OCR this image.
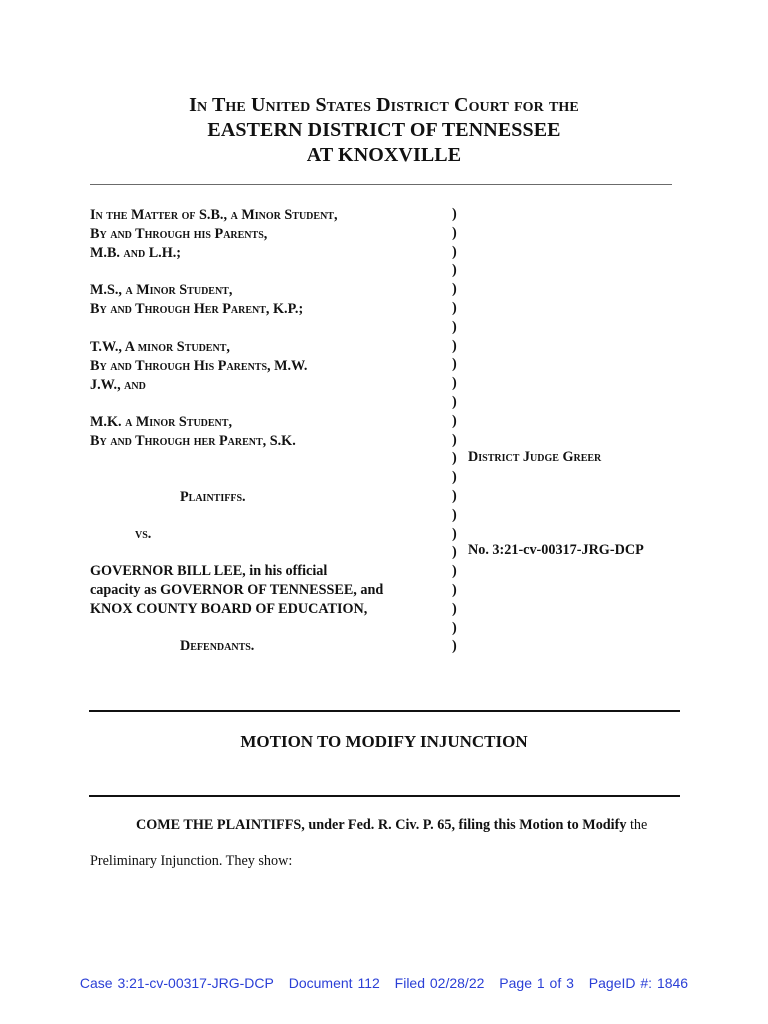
In The United States District Court for the
EASTERN DISTRICT OF TENNESSEE
AT KNOXVILLE
In the Matter of S.B., a Minor Student,
By and Through his Parents,
M.B. and L.H.;
M.S., a Minor Student,
By and Through Her Parent, K.P.;
T.W., A minor Student,
By and Through His Parents, M.W.
J.W., and
M.K. a Minor Student,
By and Through her Parent, S.K.
Plaintiffs.
vs.
GOVERNOR BILL LEE, in his official
capacity as GOVERNOR OF TENNESSEE, and
KNOX COUNTY BOARD OF EDUCATION,
Defendants.
)
)
)
)
)
)
)
)
)
)
)
)
)
)
)
)
)
)
)
)
)
)
)
)
District Judge Greer
No. 3:21-cv-00317-JRG-DCP
MOTION TO MODIFY INJUNCTION
COME THE PLAINTIFFS, under Fed. R. Civ. P. 65, filing this Motion to Modify the
Preliminary Injunction. They show:
Case 3:21-cv-00317-JRG-DCP Document 112 Filed 02/28/22 Page 1 of 3 PageID #: 1846
